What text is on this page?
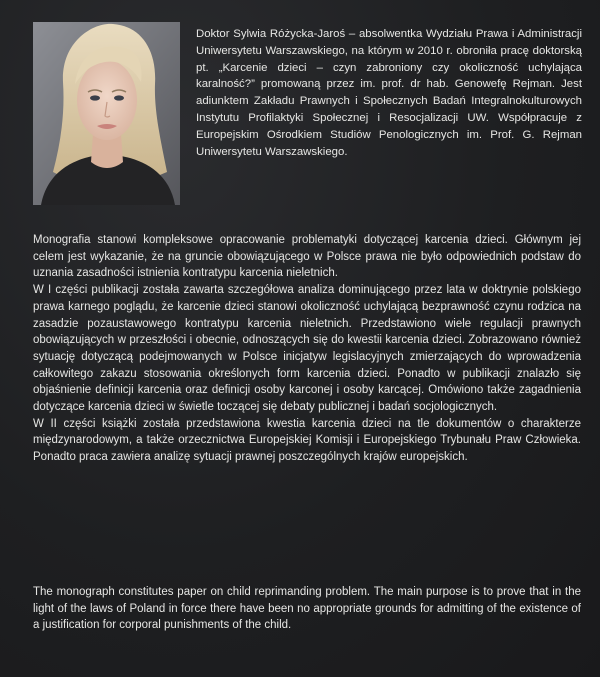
Doktor Sylwia Różycka-Jaroś – absolwentka Wydziału Prawa i Administracji Uniwersytetu Warszawskiego, na którym w 2010 r. obroniła pracę doktorską pt. „Karcenie dzieci – czyn zabroniony czy okoliczność uchylająca karalność?” promowaną przez im. prof. dr hab. Genowefę Rejman. Jest adiunktem Zakładu Prawnych i Społecznych Badań Integralnokulturowych Instytutu Profilaktyki Społecznej i Resocjalizacji UW. Współpracuje z Europejskim Ośrodkiem Studiów Penologicznych im. Prof. G. Rejman Uniwersytetu Warszawskiego.

Monografia stanowi kompleksowe opracowanie problematyki dotyczącej karcenia dzieci. Głównym jej celem jest wykazanie, że na gruncie obowiązującego w Polsce prawa nie było odpowiednich podstaw do uznania zasadności istnienia kontratypu karcenia nieletnich.

W I części publikacji została zawarta szczegółowa analiza dominującego przez lata w doktrynie polskiego prawa karnego poglądu, że karcenie dzieci stanowi okoliczność uchylającą bezprawność czynu rodzica na zasadzie pozaustawowego kontratypu karcenia nieletnich. Przedstawiono wiele regulacji prawnych obowiązujących w przeszłości i obecnie, odnoszących się do kwestii karcenia dzieci. Zobrazowano również sytuację dotyczącą podejmowanych w Polsce inicjatyw legislacyjnych zmierzających do wprowadzenia całkowitego zakazu stosowania określonych form karcenia dzieci. Ponadto w publikacji znalazło się objaśnienie definicji karcenia oraz definicji osoby karconej i osoby karcącej. Omówiono także zagadnienia dotyczące karcenia dzieci w świetle toczącej się debaty publicznej i badań socjologicznych.

W II części książki została przedstawiona kwestia karcenia dzieci na tle dokumentów o charakterze międzynarodowym, a także orzecznictwa Europejskiej Komisji i Europejskiego Trybunału Praw Człowieka. Ponadto praca zawiera analizę sytuacji prawnej poszczególnych krajów europejskich.

The monograph constitutes paper on child reprimanding problem. The main purpose is to prove that in the light of the laws of Poland in force there have been no appropriate grounds for admitting of the existence of a justification for corporal punishments of the child.
